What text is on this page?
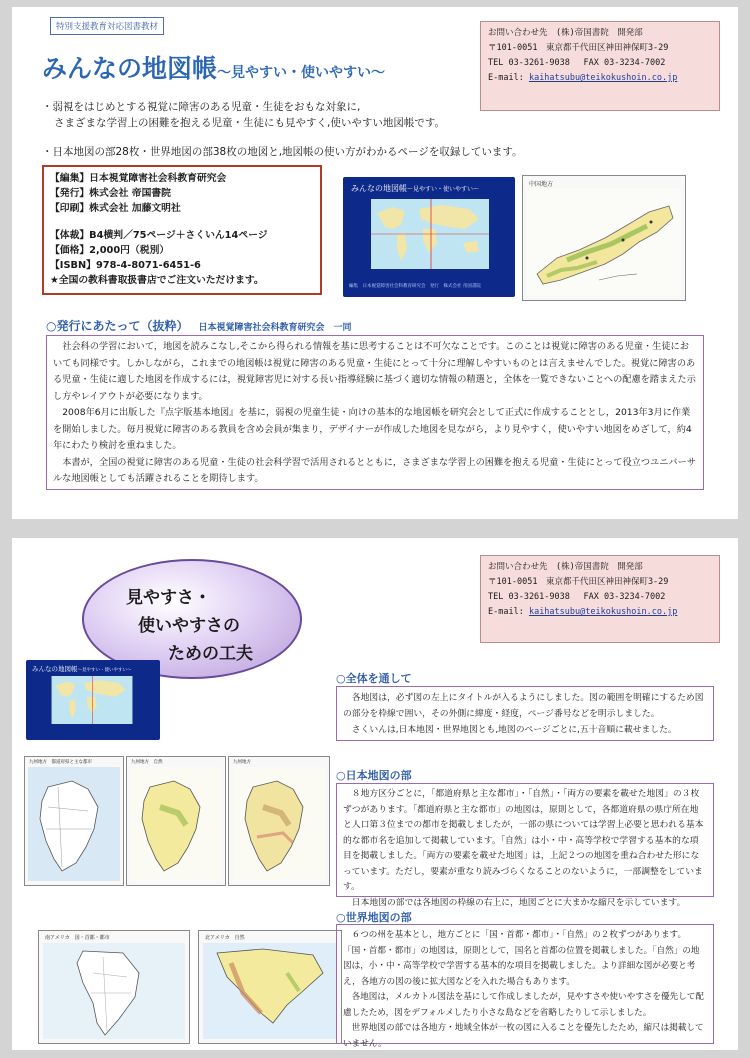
特別支援教育対応図書教材
みんなの地図帳〜見やすい・使いやすい〜
お問い合わせ先　(株)帝国書院　開発部
〒101-0051　東京都千代田区神田神保町3-29
TEL 03-3261-9038　 FAX 03-3234-7002
E-mail: kaihatsubu@teikokushoin.co.jp
・弱視をはじめとする視覚に障害のある児童・生徒をおもな対象に,
さまざまな学習上の困難を抱える児童・生徒にも見やすく,使いやすい地図帳です。
・日本地図の部28枚・世界地図の部38枚の地図と,地図帳の使い方がわかるページを収録しています。
【編集】日本視覚障害社会科教育研究会
【発行】株式会社 帝国書院
【印刷】株式会社 加藤文明社
【体裁】B4横判／75ページ＋さくいん14ページ
【価格】2,000円（税別）
【ISBN】978-4-8071-6451-6
★全国の教科書取扱書店でご注文いただけます。
みんなの地図帳〜見やすい・使いやすい〜
編集　日本視覚障害社会科教育研究会　発行　株式会社 帝国書院
中国地方
○発行にあたって（抜粋） 日本視覚障害社会科教育研究会　一同

社会科の学習において，地図を読みこなし,そこから得られる情報を基に思考することは不可欠なことです。このことは視覚に障害のある児童・生徒においても同様です。しかしながら，これまでの地図帳は視覚に障害のある児童・生徒にとって十分に理解しやすいものとは言えませんでした。視覚に障害のある児童・生徒に適した地図を作成するには，視覚障害児に対する長い指導経験に基づく適切な情報の精選と，全体を一覧できないことへの配慮を踏まえた示し方やレイアウトが必要になります。

2008年6月に出版した『点字版基本地図』を基に，弱視の児童生徒・向けの基本的な地図帳を研究会として正式に作成することとし，2013年3月に作業を開始しました。毎月視覚に障害のある教員を含め会員が集まり，デザイナーが作成した地図を見ながら，より見やすく，使いやすい地図をめざして，約4年にわたり検討を重ねました。

本書が，全国の視覚に障害のある児童・生徒の社会科学習で活用されるとともに，さまざまな学習上の困難を抱える児童・生徒にとって役立つユニバーサルな地図帳としても活躍されることを期待します。

見やすさ・
使いやすさの
ための工夫
お問い合わせ先　(株)帝国書院　開発部
〒101-0051　東京都千代田区神田神保町3-29
TEL 03-3261-9038　 FAX 03-3234-7002
E-mail: kaihatsubu@teikokushoin.co.jp
みんなの地図帳〜見やすい・使いやすい〜
九州地方　都道府県と主な都市	九州地方　自然	九州地方
南アメリカ　国・首都・都市	北アメリカ　自然
○全体を通して

各地図は，必ず図の左上にタイトルが入るようにしました。図の範囲を明確にするため図の部分を枠線で囲い，その外側に緯度・経度，ページ番号などを明示しました。

さくいんは,日本地図・世界地図とも,地図のページごとに,五十音順に載せました。

○日本地図の部

８地方区分ごとに，「都道府県と主な都市」・「自然」・「両方の要素を載せた地図」の３枚ずつがあります。「都道府県と主な都市」の地図は，原則として，各都道府県の県庁所在地と人口第３位までの都市を掲載しましたが，一部の県については学習上必要と思われる基本的な都市名を追加して掲載しています。「自然」は小・中・高等学校で学習する基本的な項目を掲載しました。「両方の要素を載せた地図」は，上記２つの地図を重ね合わせた形になっています。ただし，要素が重なり読みづらくなることのないように，一部調整をしています。

日本地図の部では各地図の枠線の右上に，地図ごとに大まかな縮尺を示しています。

○世界地図の部

６つの州を基本とし，地方ごとに「国・首都・都市」・「自然」の２枚ずつがあります。「国・首都・都市」の地図は，原則として，国名と首都の位置を掲載しました。「自然」の地図は，小・中・高等学校で学習する基本的な項目を掲載しました。より詳細な図が必要と考え，各地方の図の後に拡大図などを入れた場合もあります。

各地図は，メルカトル図法を基にして作成しましたが，見やすさや使いやすさを優先して配慮したため，図をデフォルメしたり小さな島などを省略したりして示しました。

世界地図の部では各地方・地域全体が一枚の図に入ることを優先したため，縮尺は掲載していません。
